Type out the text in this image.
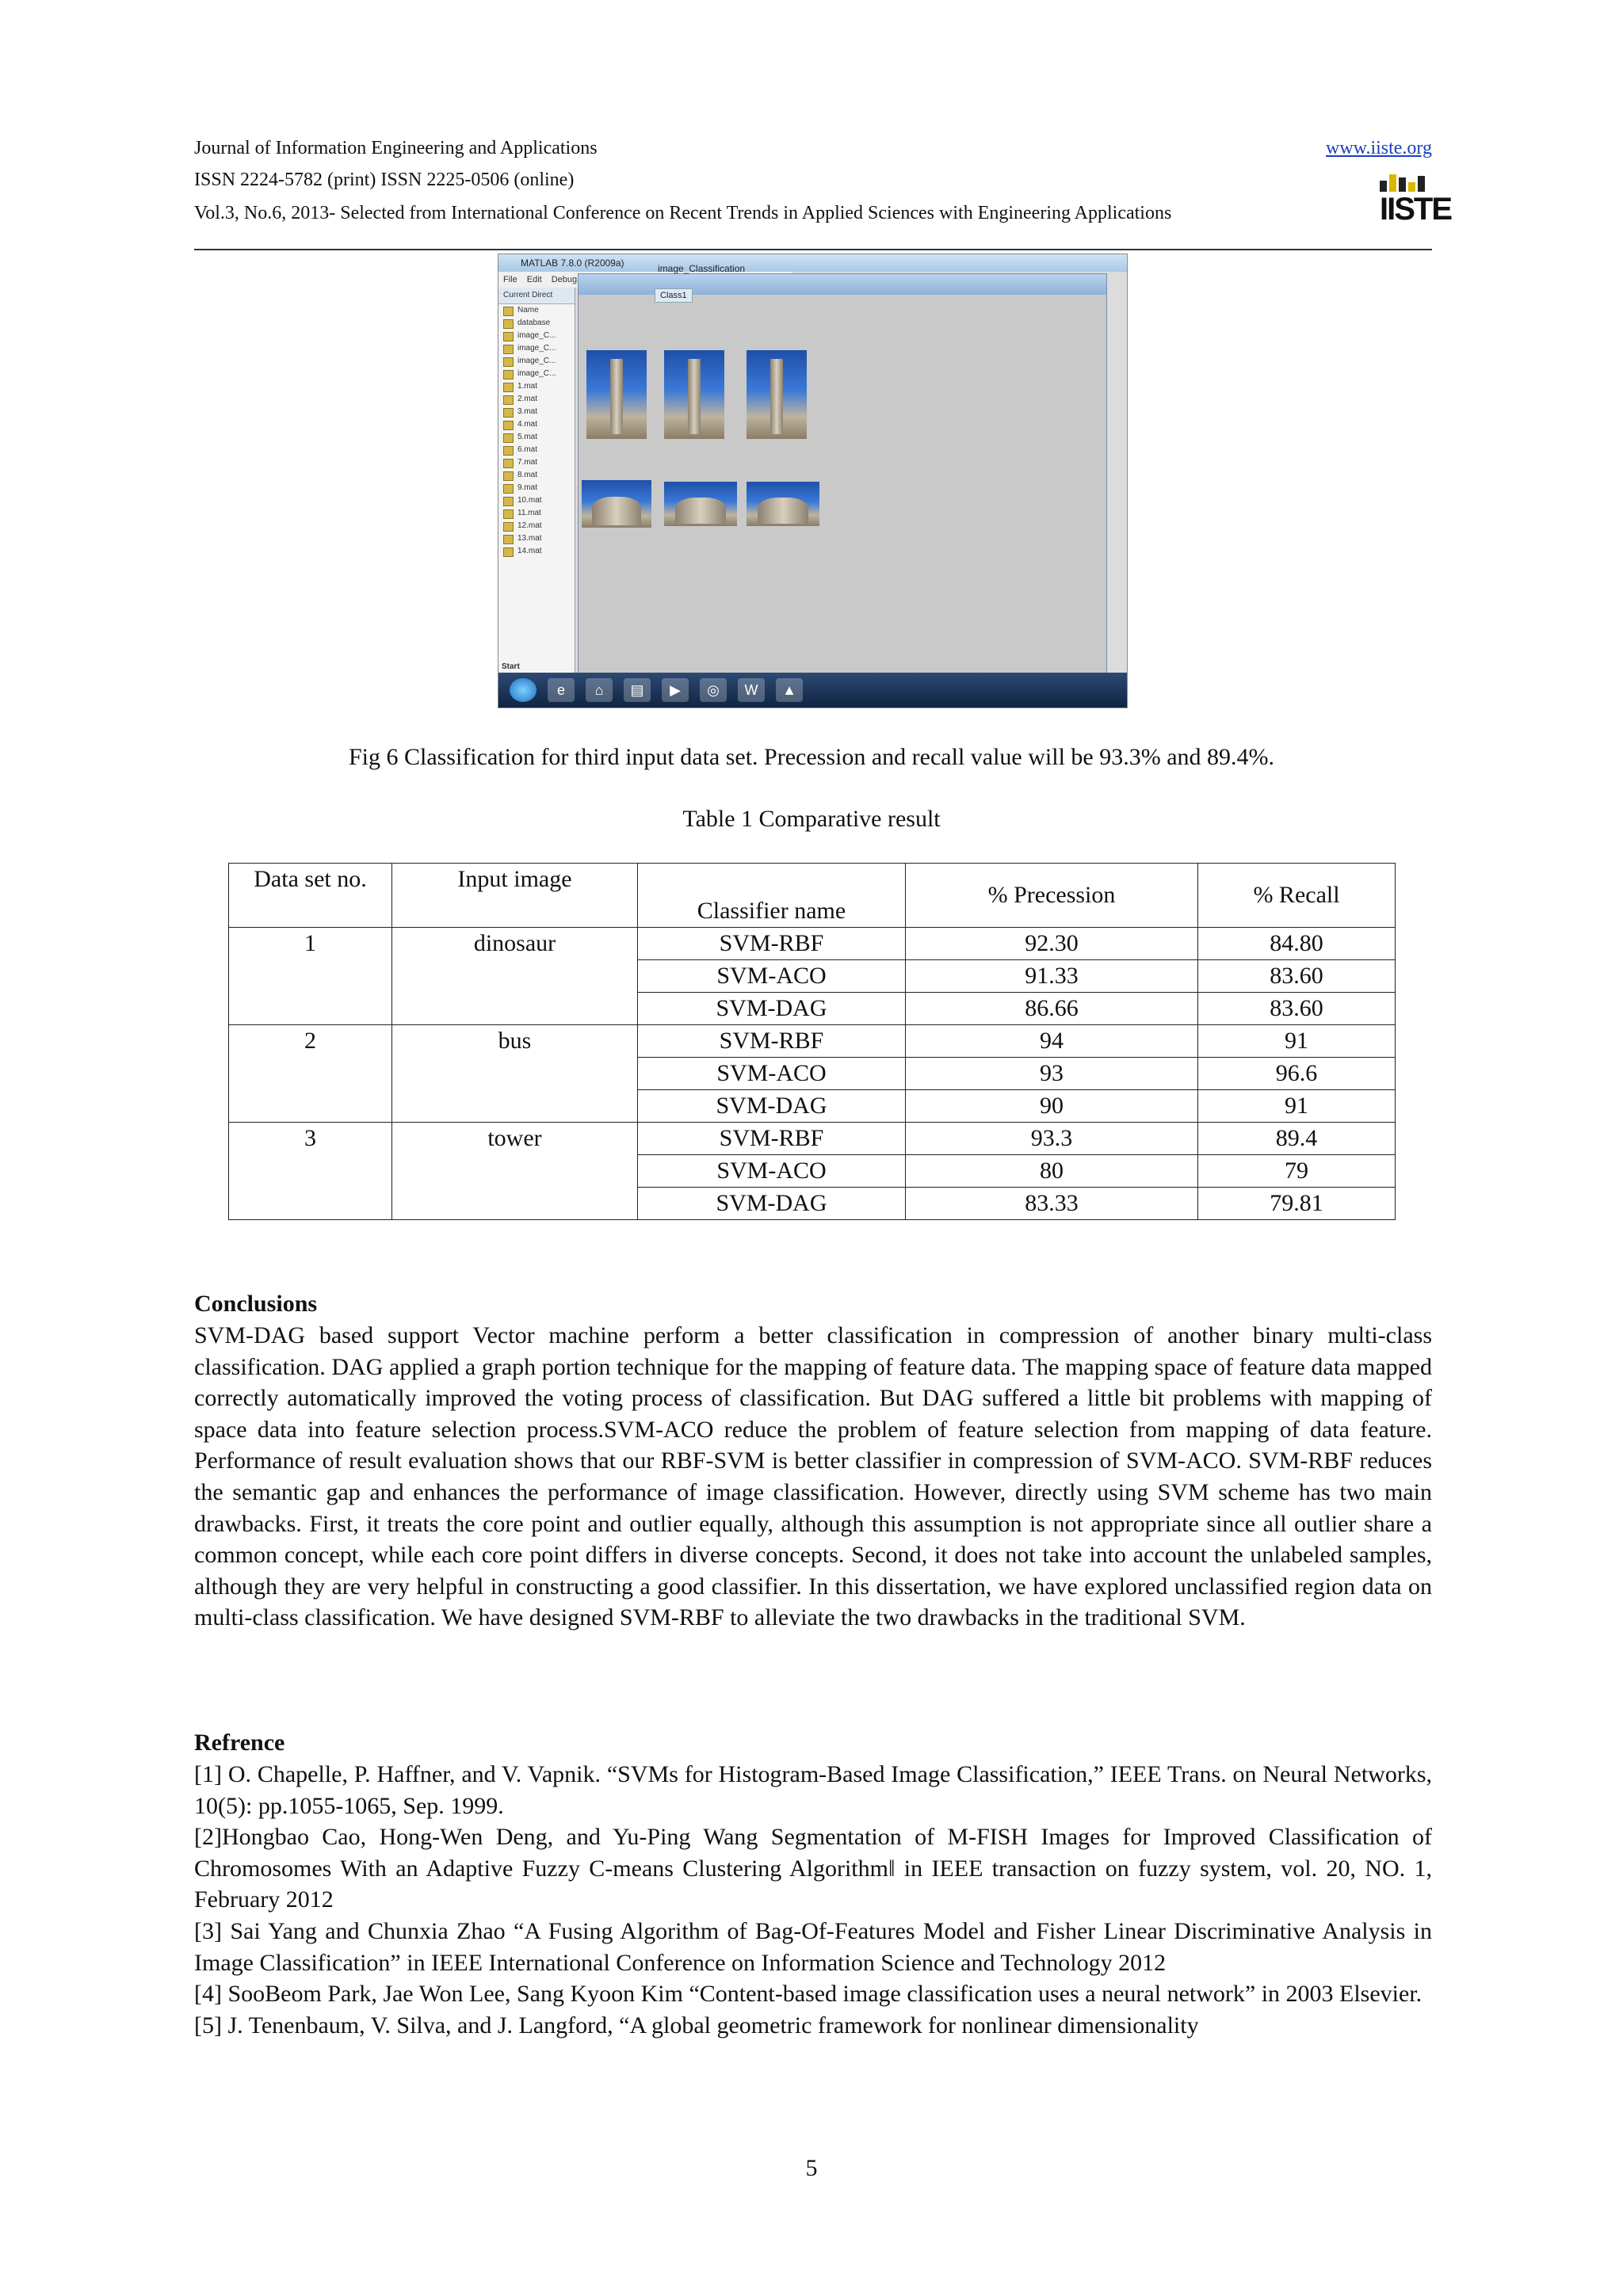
Journal of Information Engineering and Applications
ISSN 2224-5782 (print) ISSN 2225-0506 (online)
Vol.3, No.6, 2013- Selected from International Conference on Recent Trends in Applied Sciences with Engineering Applications
www.iiste.org
IISTE
MATLAB 7.8.0 (R2009a)
File Edit Debug
Current Direct
Name
database
image_C...
image_C...
image_C...
image_C...
1.mat
2.mat
3.mat
4.mat
5.mat
6.mat
7.mat
8.mat
9.mat
10.mat
11.mat
12.mat
13.mat
14.mat
Start
image_Classification
Class1
e	⌂	▤	▶	◎	W	▲
Fig 6 Classification for third input data set. Precession and recall value will be 93.3% and 89.4%.
Table 1 Comparative result
Data set no.	Input image	Classifier name	% Precession	% Recall
1	dinosaur	SVM-RBF	92.30	84.80
		SVM-ACO	91.33	83.60
		SVM-DAG	86.66	83.60
2	bus	SVM-RBF	94	91
		SVM-ACO	93	96.6
		SVM-DAG	90	91
3	tower	SVM-RBF	93.3	89.4
		SVM-ACO	80	79
		SVM-DAG	83.33	79.81
Conclusions
SVM-DAG based support Vector machine perform a better classification in compression of another binary multi-class classification. DAG applied a graph portion technique for the mapping of feature data. The mapping space of feature data mapped correctly automatically improved the voting process of classification. But DAG suffered a little bit problems with mapping of space data into feature selection process.SVM-ACO reduce the problem of feature selection from mapping of data feature. Performance of result evaluation shows that our RBF-SVM is better classifier in compression of SVM-ACO. SVM-RBF reduces the semantic gap and enhances the performance of image classification. However, directly using SVM scheme has two main drawbacks. First, it treats the core point and outlier equally, although this assumption is not appropriate since all outlier share a common concept, while each core point differs in diverse concepts. Second, it does not take into account the unlabeled samples, although they are very helpful in constructing a good classifier. In this dissertation, we have explored unclassified region data on multi-class classification. We have designed SVM-RBF to alleviate the two drawbacks in the traditional SVM.
Refrence
[1] O. Chapelle, P. Haffner, and V. Vapnik. “SVMs for Histogram-Based Image Classification,” IEEE Trans. on Neural Networks, 10(5): pp.1055-1065, Sep. 1999.
[2]Hongbao Cao, Hong-Wen Deng, and Yu-Ping Wang Segmentation of M-FISH Images for Improved Classification of Chromosomes With an Adaptive Fuzzy C-means Clustering Algorithm‖ in IEEE transaction on fuzzy system, vol. 20, NO. 1, February 2012
[3] Sai Yang and Chunxia Zhao “A Fusing Algorithm of Bag-Of-Features Model and Fisher Linear Discriminative Analysis in Image Classification” in IEEE International Conference on Information Science and Technology 2012
[4] SooBeom Park, Jae Won Lee, Sang Kyoon Kim “Content-based image classification uses a neural network” in 2003 Elsevier.
[5] J. Tenenbaum, V. Silva, and J. Langford, “A global geometric framework for nonlinear dimensionality
5
